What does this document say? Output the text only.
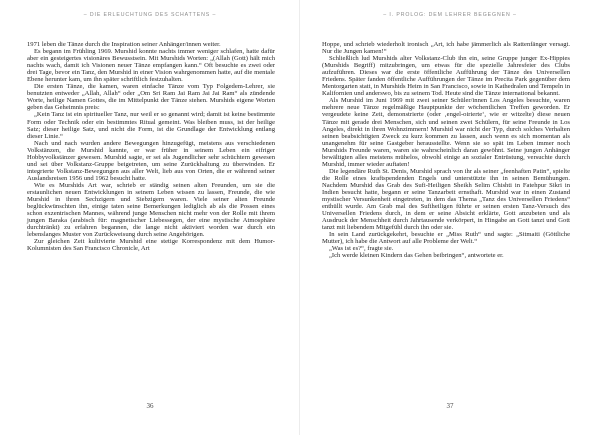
– DIE ERLEUCHTUNG DES SCHATTENS –

1971 leben die Tänze durch die Inspiration seiner Anhänger/innen weiter.

Es begann im Frühling 1969. Murshid konnte nachts immer weniger schlafen, hatte dafür aber ein gesteigertes visionäres Bewusstsein. Mit Murshids Worten: „(Allah (Gott) hält mich nachts wach, damit ich Visionen neuer Tänze empfangen kann.“ Oft besuchte es zwei oder drei Tage, bevor ein Tanz, den Murshid in einer Vision wahrgenommen hatte, auf die mentale Ebene herunter kam, um ihn später schriftlich festzuhalten.

Die ersten Tänze, die kamen, waren einfache Tänze vom Typ Folgedem-Lehrer, sie benutzten entweder „Allah, Allah“ oder „Om Sri Ram Jai Ram Jai Jai Ram“ als zündende Worte, heilige Namen Gottes, die im Mittelpunkt der Tänze stehen. Murshids eigene Worten geben das Geheimnis preis:

„Kein Tanz ist ein spiritueller Tanz, nur weil er so genannt wird; damit ist keine bestimmte Form oder Technik oder ein bestimmtes Ritual gemeint. Was bleiben muss, ist der heilige Satz; dieser heilige Satz, und nicht die Form, ist die Grundlage der Entwicklung entlang dieser Linie.“

Nach und nach wurden andere Bewegungen hinzugefügt, meistens aus verschiedenen Volkstänzen, die Murshid kannte, er war früher in seinem Leben ein eifriger Hobbyvolkstänzer gewesen. Murshid sagte, er sei als Jugendlicher sehr schüchtern gewesen und sei über Volkstanz-Gruppe beigetreten, um seine Zurückhaltung zu überwinden. Er integrierte Volkstanz-Bewegungen aus aller Welt, lieb aus von Orten, die er während seiner Auslandsreisen 1956 und 1962 besucht hatte.

Wie es Murshids Art war, schrieb er ständig seinen alten Freunden, um sie die erstaunlichen neuen Entwicklungen in seinem Leben wissen zu lassen, Freunde, die wie Murshid in ihren Sechzigern und Siebzigern waren. Viele seiner alten Freunde beglückwünschten ihn, einige taten seine Bemerkungen lediglich ab als die Possen eines schon exzentrischen Mannes, während junge Menschen nicht mehr von der Rolle mit ihrem jungen Baraka (arabisch für: magnetischer Liebessegen, der eine mystische Atmosphäre durchtränkt) zu erfahren begannen, die lange nicht aktiviert worden war durch ein lebenslanges Muster von Zurückweisung durch seine Angehörigen.

Zur gleichen Zeit kultivierte Murshid eine stetige Korrespondenz mit dem Humor-Kolumnisten des San Francisco Chronicle, Art

36
– I. PROLOG: DEM LEHRER BEGEGNEN –

Hoppe, und schrieb wiederholt ironisch „Art, ich habe jämmerlich als Rattenfänger versagt. Nur die Jungen kamen!“

Schließlich lud Murshids alter Volkstanz-Club ihn ein, seine Gruppe junger Ex-Hippies (Murshids Begriff) mitzubringen, um etwas für die spezielle Jahresfeier des Clubs aufzuführen. Dieses war die erste öffentliche Aufführung der Tänze des Universellen Friedens. Später fanden öffentliche Aufführungen der Tänze im Precita Park gegenüber dem Mentorgarten statt, in Murshids Heim in San Francisco, sowie in Kathedralen und Tempeln in Kalifornien und anderswo, bis zu seinem Tod. Heute sind die Tänze international bekannt.

Als Murshid im Juni 1969 mit zwei seiner Schüler/innen Los Angeles besuchte, waren mehrere neue Tänze regelmäßige Hauptpunkte der wöchentlichen Treffen geworden. Er vergeudete keine Zeit, demonstrierte (oder ‚engel-oirierte‘, wie er witzelte) diese neuen Tänze mit gerade drei Menschen, sich und seinen zwei Schülern, für seine Freunde in Los Angeles, direkt in ihren Wohnzimmern! Murshid war nicht der Typ, durch solches Verhalten seinen beabsichtigten Zweck zu kurz kommen zu lassen, auch wenn es sich momentan als unangenehm für seine Gastgeber herausstellte. Wenn sie so spät im Leben immer noch Murshids Freunde waren, waren sie wahrscheinlich daran gewöhnt. Seine jungen Anhänger bewältigten alles meistens mühelos, obwohl einige an sozialer Entrüstung, versuchte durch Murshid, immer wieder auftaten!

Die legendäre Ruth St. Denis, Murshid sprach von ihr als seiner „feenhaften Patin“, spielte die Rolle eines kraftspendenden Engels und unterstützte ihn in seinen Bemühungen. Nachdem Murshid das Grab des Sufi-Heiligen Sheikh Selim Chishti in Fatehpur Sikri in Indien besucht hatte, begann er seine Tanzarbeit ernsthaft. Murshid war in einen Zustand mystischer Versunkenheit eingetreten, in dem das Thema „Tanz des Universellen Friedens“ enthüllt wurde. Am Grab mal des Sufiheiligen führte er seinen ersten Tanz-Versuch des Universellen Friedens durch, in dem er seine Absicht erklärte, Gott anzubeten und als Ausdruck der Menschheit durch Jahrtausende verkörpert, in Hingabe an Gott tanzt und Gott tanzt mit liebendem Mitgefühl durch ihn oder sie.

In sein Land zurückgekehrt, besuchte er „Miss Ruth“ und sagte: „Sitmaiti (Göttliche Mutter), ich habe die Antwort auf alle Probleme der Welt.“

„Was ist es?“, fragte sie.

„Ich werde kleinen Kindern das Gehen beibringen“, antwortete er.

37
